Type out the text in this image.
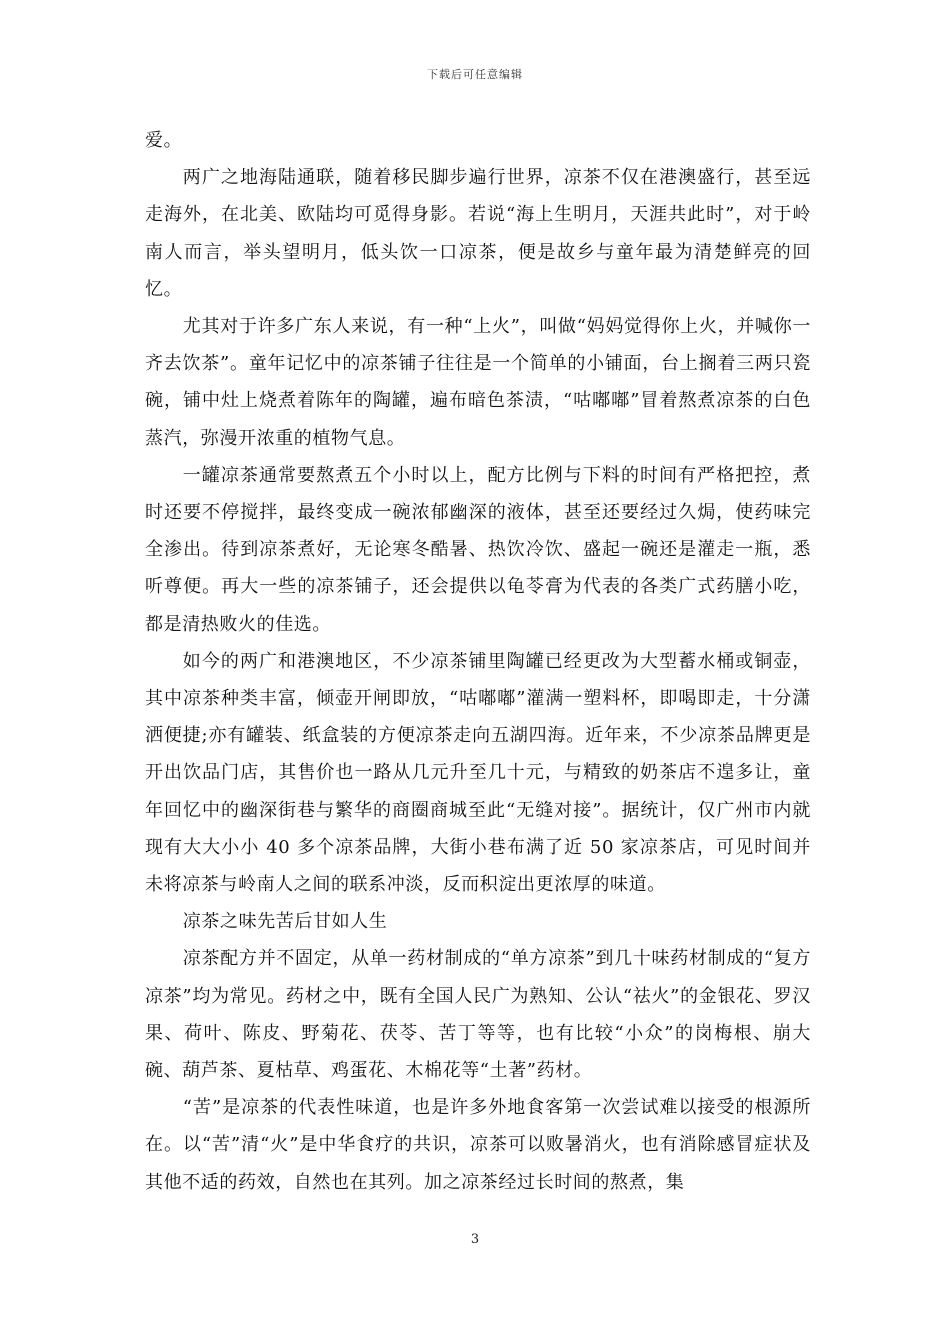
下载后可任意编辑

爱。

两广之地海陆通联，随着移民脚步遍行世界，凉茶不仅在港澳盛行，甚至远走海外，在北美、欧陆均可觅得身影。若说“海上生明月，天涯共此时”，对于岭南人而言，举头望明月，低头饮一口凉茶，便是故乡与童年最为清楚鲜亮的回忆。

尤其对于许多广东人来说，有一种“上火”，叫做“妈妈觉得你上火，并喊你一齐去饮茶”。童年记忆中的凉茶铺子往往是一个简单的小铺面，台上搁着三两只瓷碗，铺中灶上烧煮着陈年的陶罐，遍布暗色茶渍，“咕嘟嘟”冒着熬煮凉茶的白色蒸汽，弥漫开浓重的植物气息。

一罐凉茶通常要熬煮五个小时以上，配方比例与下料的时间有严格把控，煮时还要不停搅拌，最终变成一碗浓郁幽深的液体，甚至还要经过久焗，使药味完全渗出。待到凉茶煮好，无论寒冬酷暑、热饮冷饮、盛起一碗还是灌走一瓶，悉听尊便。再大一些的凉茶铺子，还会提供以龟苓膏为代表的各类广式药膳小吃，都是清热败火的佳选。

如今的两广和港澳地区，不少凉茶铺里陶罐已经更改为大型蓄水桶或铜壶，其中凉茶种类丰富，倾壶开闸即放，“咕嘟嘟”灌满一塑料杯，即喝即走，十分潇洒便捷;亦有罐装、纸盒装的方便凉茶走向五湖四海。近年来，不少凉茶品牌更是开出饮品门店，其售价也一路从几元升至几十元，与精致的奶茶店不遑多让，童年回忆中的幽深街巷与繁华的商圈商城至此“无缝对接”。据统计，仅广州市内就现有大大小小 40 多个凉茶品牌，大街小巷布满了近 50 家凉茶店，可见时间并未将凉茶与岭南人之间的联系冲淡，反而积淀出更浓厚的味道。

凉茶之味先苦后甘如人生

凉茶配方并不固定，从单一药材制成的“单方凉茶”到几十味药材制成的“复方凉茶”均为常见。药材之中，既有全国人民广为熟知、公认“祛火”的金银花、罗汉果、荷叶、陈皮、野菊花、茯苓、苦丁等等，也有比较“小众”的岗梅根、崩大碗、葫芦茶、夏枯草、鸡蛋花、木棉花等“土著”药材。

“苦”是凉茶的代表性味道，也是许多外地食客第一次尝试难以接受的根源所在。以“苦”清“火”是中华食疗的共识，凉茶可以败暑消火，也有消除感冒症状及其他不适的药效，自然也在其列。加之凉茶经过长时间的熬煮，集

3
